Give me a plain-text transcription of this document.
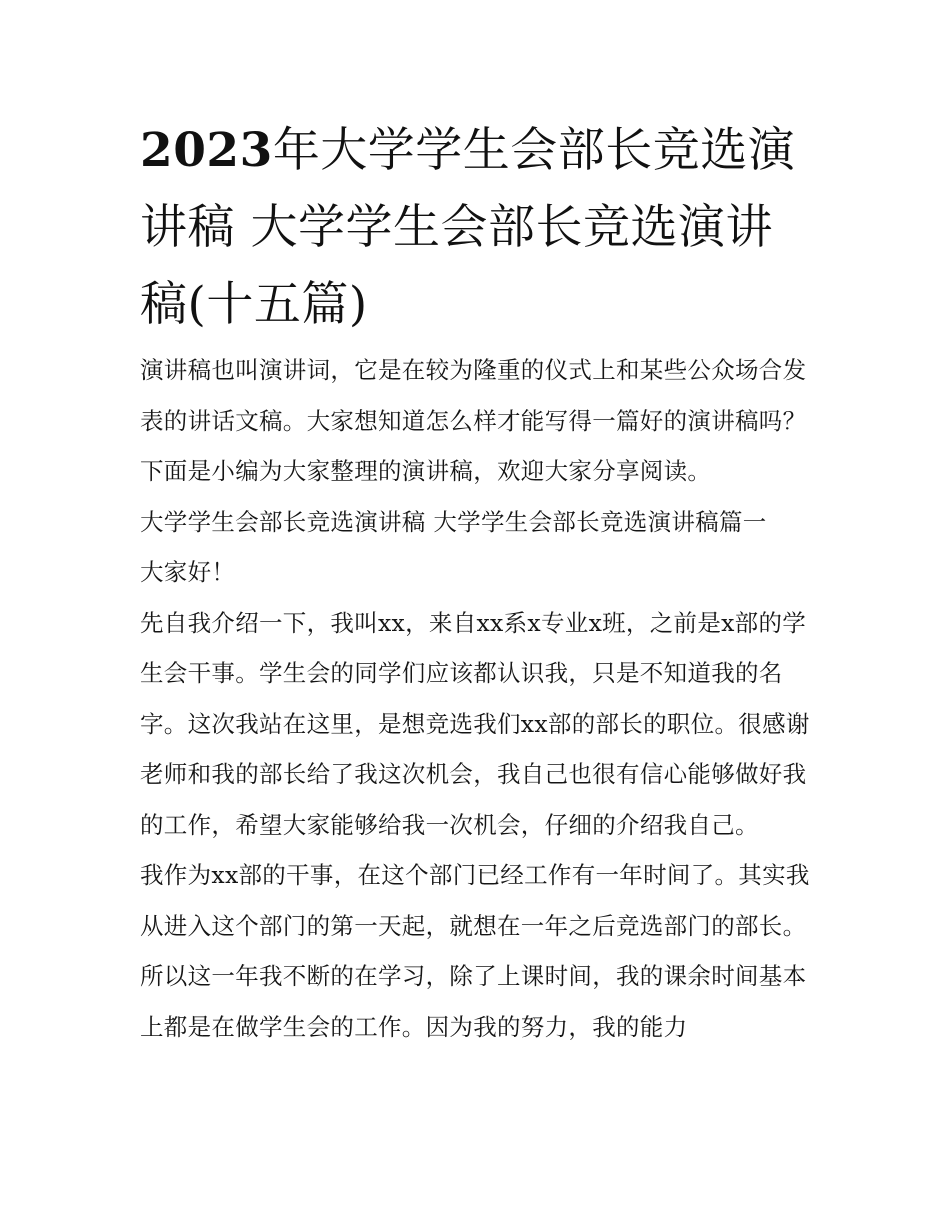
2023年大学学生会部长竞选演讲稿 大学学生会部长竞选演讲稿(十五篇)

演讲稿也叫演讲词，它是在较为隆重的仪式上和某些公众场合发表的讲话文稿。大家想知道怎么样才能写得一篇好的演讲稿吗？下面是小编为大家整理的演讲稿，欢迎大家分享阅读。

大学学生会部长竞选演讲稿 大学学生会部长竞选演讲稿篇一

大家好！

先自我介绍一下，我叫xx，来自xx系x专业x班，之前是x部的学生会干事。学生会的同学们应该都认识我，只是不知道我的名字。这次我站在这里，是想竞选我们xx部的部长的职位。很感谢老师和我的部长给了我这次机会，我自己也很有信心能够做好我的工作，希望大家能够给我一次机会，仔细的介绍我自己。

我作为xx部的干事，在这个部门已经工作有一年时间了。其实我从进入这个部门的第一天起，就想在一年之后竞选部门的部长。所以这一年我不断的在学习，除了上课时间，我的课余时间基本上都是在做学生会的工作。因为我的努力，我的能力
